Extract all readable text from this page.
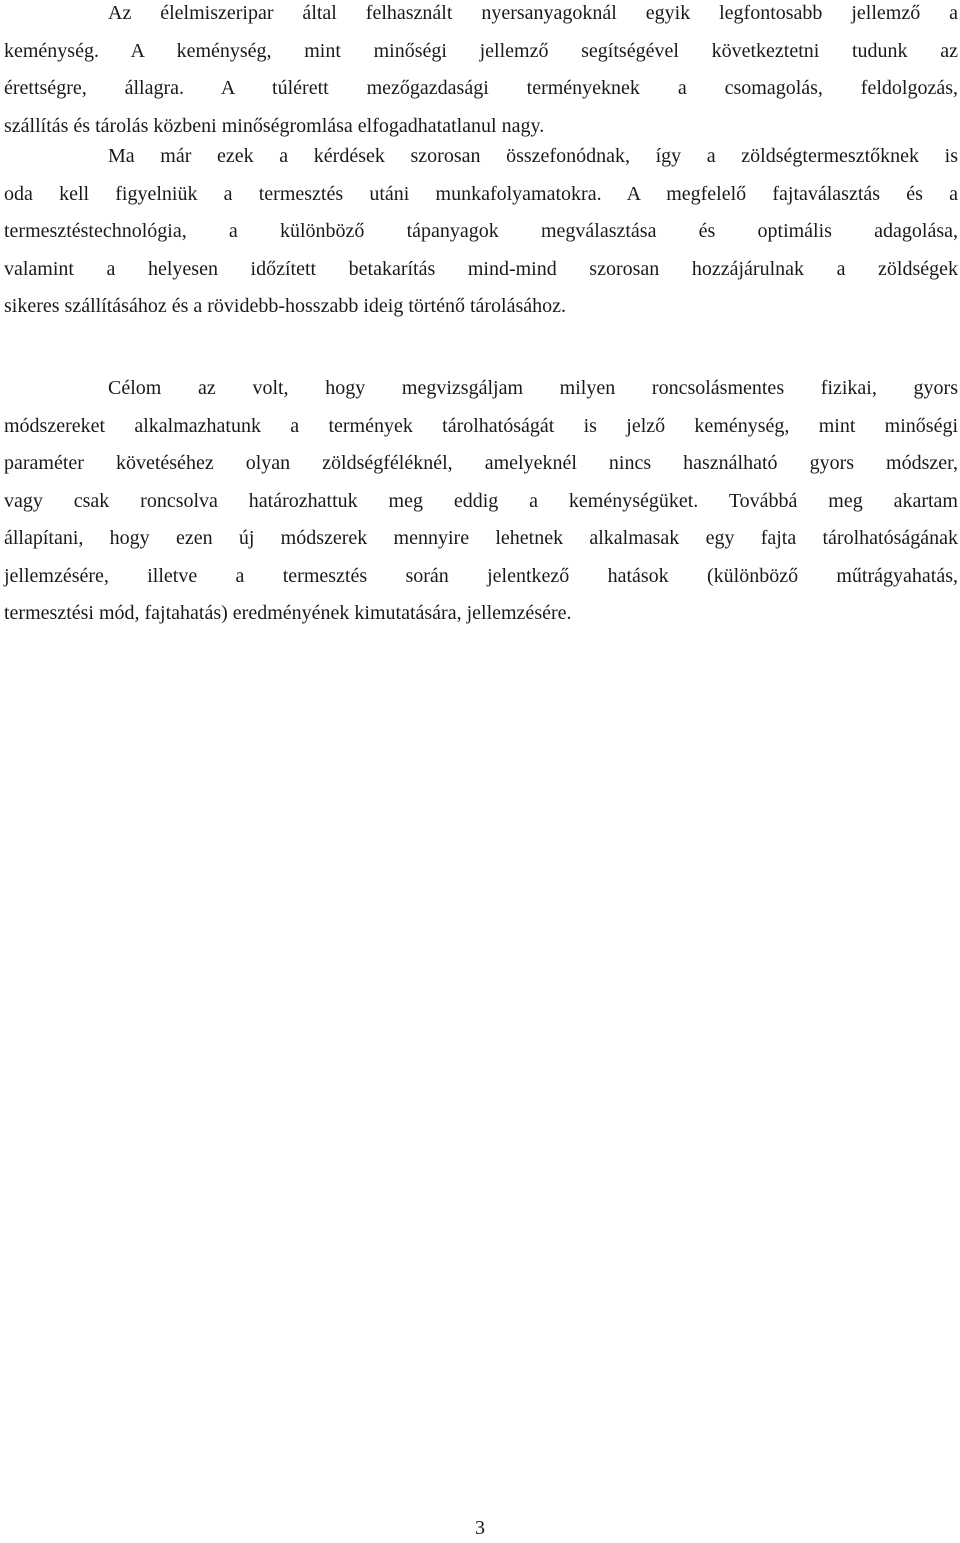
Az élelmiszeripar által felhasznált nyersanyagoknál egyik legfontosabb jellemző a
keménység. A keménység, mint minőségi jellemző segítségével következtetni tudunk az
érettségre, állagra. A túlérett mezőgazdasági terményeknek a csomagolás, feldolgozás,
szállítás és tárolás közbeni minőségromlása elfogadhatatlanul nagy.
Ma már ezek a kérdések szorosan összefonódnak, így a zöldségtermesztőknek is
oda kell figyelniük a termesztés utáni munkafolyamatokra. A megfelelő fajtaválasztás és a
termesztéstechnológia, a különböző tápanyagok megválasztása és optimális adagolása,
valamint a helyesen időzített betakarítás mind-mind szorosan hozzájárulnak a zöldségek
sikeres szállításához és a rövidebb-hosszabb ideig történő tárolásához.
Célom az volt, hogy megvizsgáljam milyen roncsolásmentes fizikai, gyors
módszereket alkalmazhatunk a termények tárolhatóságát is jelző keménység, mint minőségi
paraméter követéséhez olyan zöldségféléknél, amelyeknél nincs használható gyors módszer,
vagy csak roncsolva határozhattuk meg eddig a keménységüket. Továbbá meg akartam
állapítani, hogy ezen új módszerek mennyire lehetnek alkalmasak egy fajta tárolhatóságának
jellemzésére, illetve a termesztés során jelentkező hatások (különböző műtrágyahatás,
termesztési mód, fajtahatás) eredményének kimutatására, jellemzésére.
3
